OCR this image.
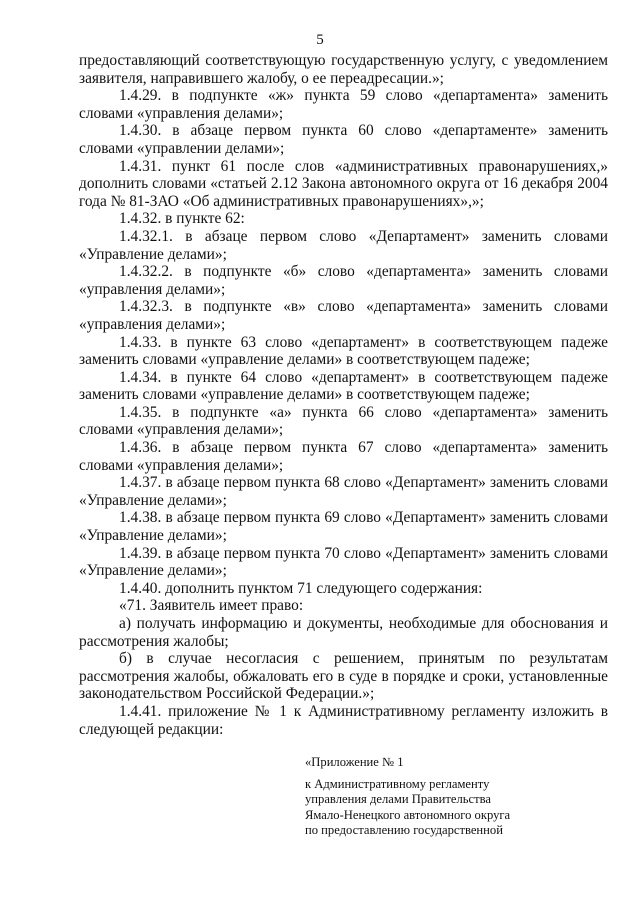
5

предоставляющий соответствующую государственную услугу, с уведомлением заявителя, направившего жалобу, о ее переадресации.»;

1.4.29. в подпункте «ж» пункта 59 слово «департамента» заменить словами «управления делами»;

1.4.30. в абзаце первом пункта 60 слово «департаменте» заменить словами «управлении делами»;

1.4.31. пункт 61 после слов «административных правонарушениях,» дополнить словами «статьей 2.12 Закона автономного округа от 16 декабря 2004 года № 81-ЗАО «Об административных правонарушениях»,»;

1.4.32. в пункте 62:

1.4.32.1. в абзаце первом слово «Департамент» заменить словами «Управление делами»;

1.4.32.2. в подпункте «б» слово «департамента» заменить словами «управления делами»;

1.4.32.3. в подпункте «в» слово «департамента» заменить словами «управления делами»;

1.4.33. в пункте 63 слово «департамент» в соответствующем падеже заменить словами «управление делами» в соответствующем падеже;

1.4.34. в пункте 64 слово «департамент» в соответствующем падеже заменить словами «управление делами» в соответствующем падеже;

1.4.35. в подпункте «а» пункта 66 слово «департамента» заменить словами «управления делами»;

1.4.36. в абзаце первом пункта 67 слово «департамента» заменить словами «управления делами»;

1.4.37. в абзаце первом пункта 68 слово «Департамент» заменить словами «Управление делами»;

1.4.38. в абзаце первом пункта 69 слово «Департамент» заменить словами «Управление делами»;

1.4.39. в абзаце первом пункта 70 слово «Департамент» заменить словами «Управление делами»;

1.4.40. дополнить пунктом 71 следующего содержания:

«71. Заявитель имеет право:

а) получать информацию и документы, необходимые для обоснования и рассмотрения жалобы;

б) в случае несогласия с решением, принятым по результатам рассмотрения жалобы, обжаловать его в суде в порядке и сроки, установленные законодательством Российской Федерации.»;

1.4.41. приложение № 1 к Административному регламенту изложить в следующей редакции:

«Приложение № 1

к Административному регламенту

управления делами Правительства

Ямало-Ненецкого автономного округа

по предоставлению государственной
